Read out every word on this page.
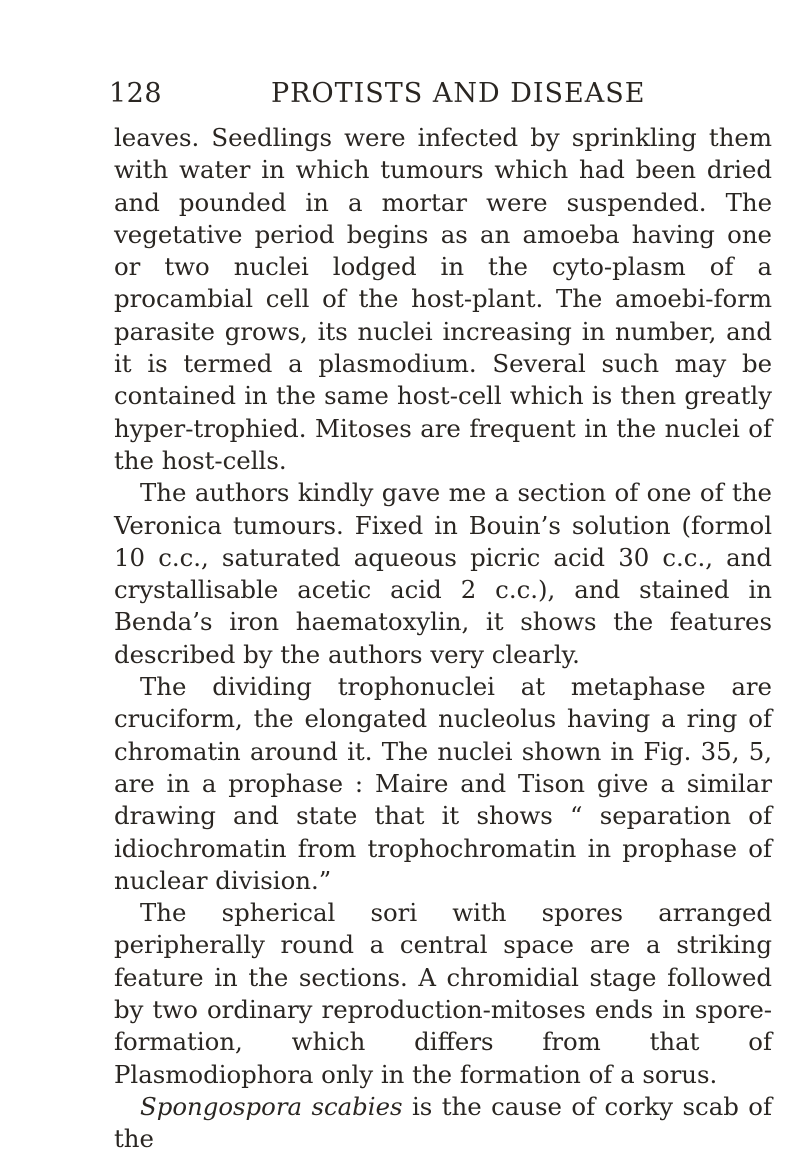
128	PROTISTS AND DISEASE

leaves. Seedlings were infected by sprinkling them with water in which tumours which had been dried and pounded in a mortar were suspended. The vegetative period begins as an amoeba having one or two nuclei lodged in the cyto-plasm of a procambial cell of the host-plant. The amoebi-form parasite grows, its nuclei increasing in number, and it is termed a plasmodium. Several such may be contained in the same host-cell which is then greatly hyper-trophied. Mitoses are frequent in the nuclei of the host-cells.

The authors kindly gave me a section of one of the Veronica tumours. Fixed in Bouin’s solution (formol 10 c.c., saturated aqueous picric acid 30 c.c., and crystallisable acetic acid 2 c.c.), and stained in Benda’s iron haematoxylin, it shows the features described by the authors very clearly.

The dividing trophonuclei at metaphase are cruciform, the elongated nucleolus having a ring of chromatin around it. The nuclei shown in Fig. 35, 5, are in a prophase : Maire and Tison give a similar drawing and state that it shows “ separation of idiochromatin from trophochromatin in prophase of nuclear division.”

The spherical sori with spores arranged peripherally round a central space are a striking feature in the sections. A chromidial stage followed by two ordinary reproduction-mitoses ends in spore-formation, which differs from that of Plasmodiophora only in the formation of a sorus.

Spongospora scabies is the cause of corky scab of the
